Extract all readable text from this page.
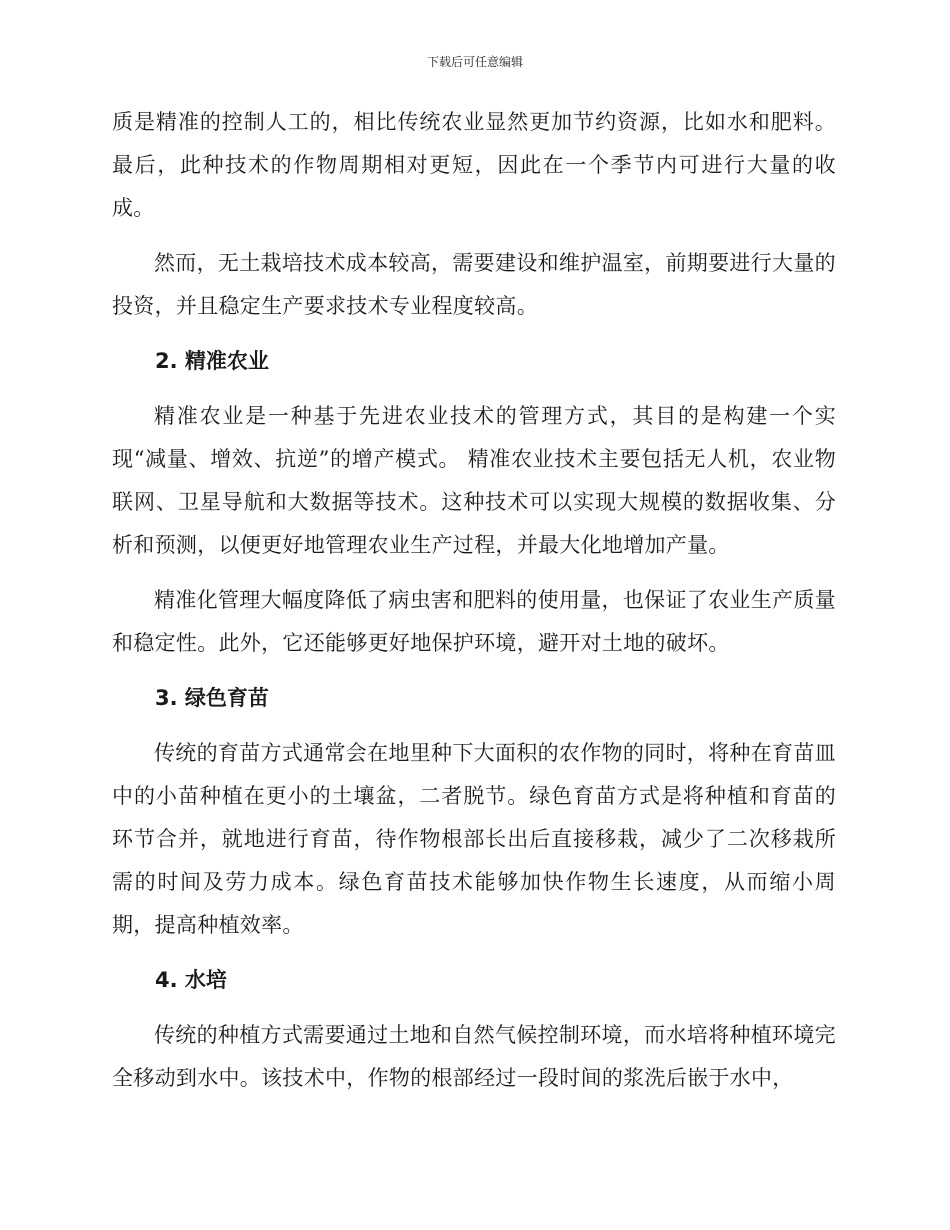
下载后可任意编辑

质是精准的控制人工的，相比传统农业显然更加节约资源，比如水和肥料。最后，此种技术的作物周期相对更短，因此在一个季节内可进行大量的收成。

然而，无土栽培技术成本较高，需要建设和维护温室，前期要进行大量的投资，并且稳定生产要求技术专业程度较高。

2. 精准农业

精准农业是一种基于先进农业技术的管理方式，其目的是构建一个实现“减量、增效、抗逆”的增产模式。 精准农业技术主要包括无人机，农业物联网、卫星导航和大数据等技术。这种技术可以实现大规模的数据收集、分析和预测，以便更好地管理农业生产过程，并最大化地增加产量。

精准化管理大幅度降低了病虫害和肥料的使用量，也保证了农业生产质量和稳定性。此外，它还能够更好地保护环境，避开对土地的破坏。

3. 绿色育苗

传统的育苗方式通常会在地里种下大面积的农作物的同时，将种在育苗皿中的小苗种植在更小的土壤盆，二者脱节。绿色育苗方式是将种植和育苗的环节合并，就地进行育苗，待作物根部长出后直接移栽，减少了二次移栽所需的时间及劳力成本。绿色育苗技术能够加快作物生长速度，从而缩小周期，提高种植效率。

4. 水培

传统的种植方式需要通过土地和自然气候控制环境，而水培将种植环境完全移动到水中。该技术中，作物的根部经过一段时间的浆洗后嵌于水中，
